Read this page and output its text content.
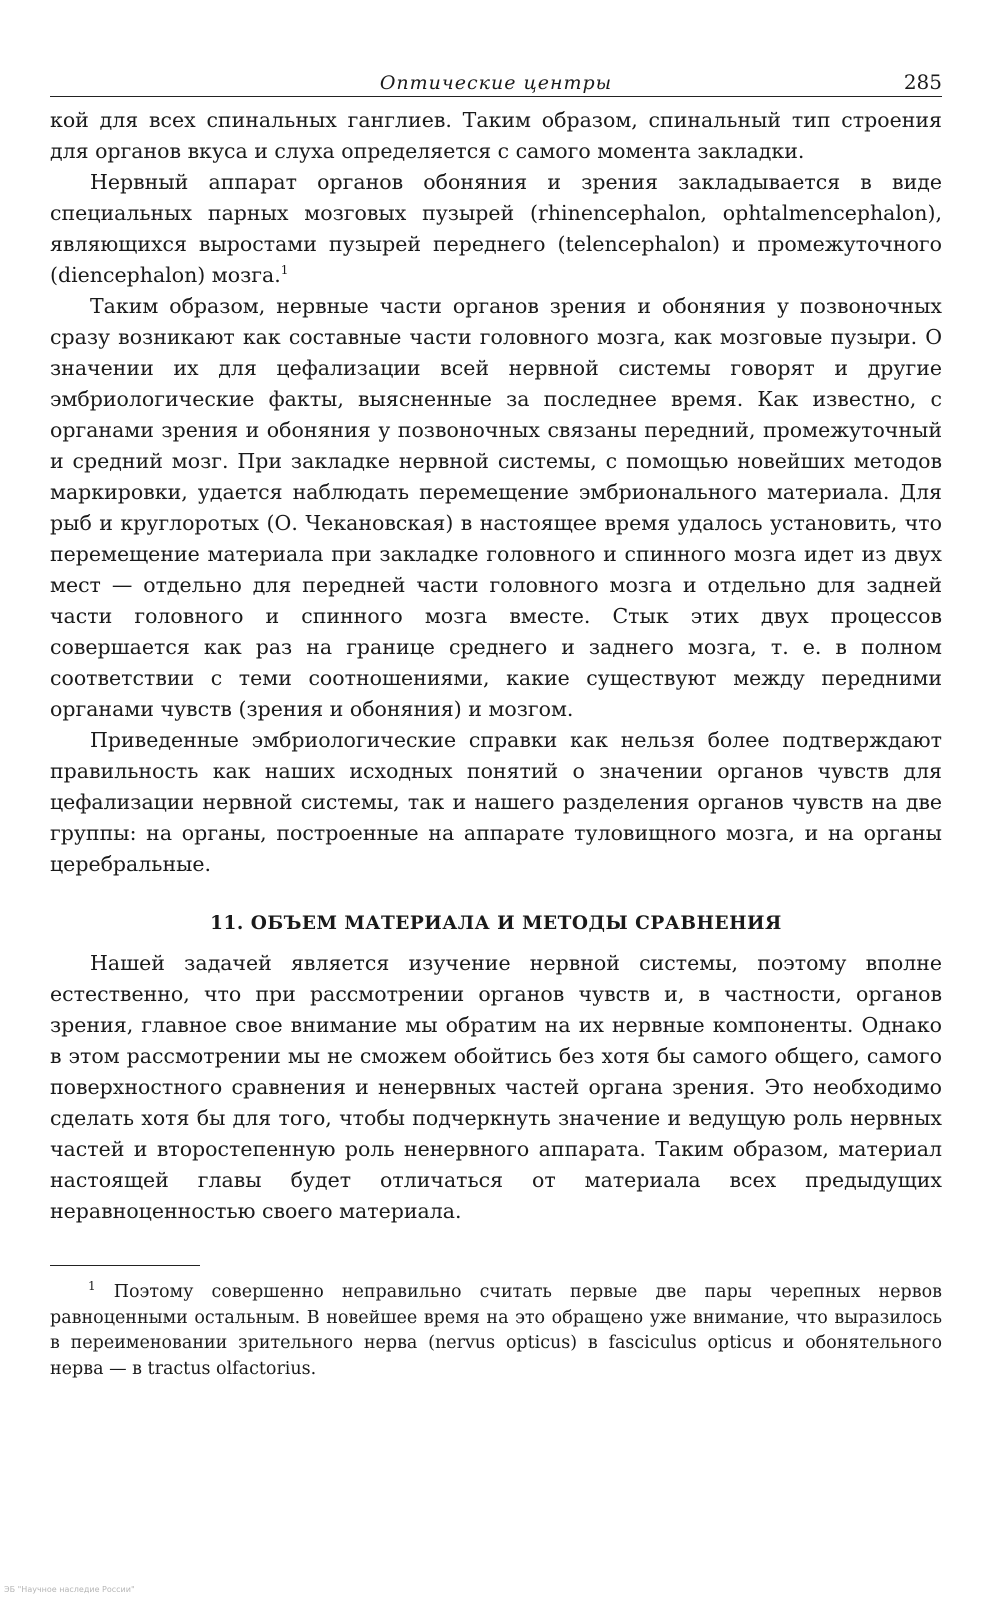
Оптические центры	285

кой для всех спинальных ганглиев. Таким образом, спинальный тип строения для органов вкуса и слуха определяется с самого момента закладки.

Нервный аппарат органов обоняния и зрения закладывается в виде специальных парных мозговых пузырей (rhinencephalon, ophtalmencephalon), являющихся выростами пузырей переднего (telencephalon) и промежуточного (diencephalon) мозга.$^1$

Таким образом, нервные части органов зрения и обоняния у позвоночных сразу возникают как составные части головного мозга, как мозговые пузыри. О значении их для цефализации всей нервной системы говорят и другие эмбриологические факты, выясненные за последнее время. Как известно, с органами зрения и обоняния у позвоночных связаны передний, промежуточный и средний мозг. При закладке нервной системы, с помощью новейших методов маркировки, удается наблюдать перемещение эмбрионального материала. Для рыб и круглоротых (О. Чекановская) в настоящее время удалось установить, что перемещение материала при закладке головного и спинного мозга идет из двух мест — отдельно для передней части головного мозга и отдельно для задней части головного и спинного мозга вместе. Стык этих двух процессов совершается как раз на границе среднего и заднего мозга, т. е. в полном соответствии с теми соотношениями, какие существуют между передними органами чувств (зрения и обоняния) и мозгом.

Приведенные эмбриологические справки как нельзя более подтверждают правильность как наших исходных понятий о значении органов чувств для цефализации нервной системы, так и нашего разделения органов чувств на две группы: на органы, построенные на аппарате туловищного мозга, и на органы церебральные.

11. ОБЪЕМ МАТЕРИАЛА И МЕТОДЫ СРАВНЕНИЯ

Нашей задачей является изучение нервной системы, поэтому вполне естественно, что при рассмотрении органов чувств и, в частности, органов зрения, главное свое внимание мы обратим на их нервные компоненты. Однако в этом рассмотрении мы не сможем обойтись без хотя бы самого общего, самого поверхностного сравнения и ненервных частей органа зрения. Это необходимо сделать хотя бы для того, чтобы подчеркнуть значение и ведущую роль нервных частей и второстепенную роль ненервного аппарата. Таким образом, материал настоящей главы будет отличаться от материала всех предыдущих неравноценностью своего материала.

$^1$ Поэтому совершенно неправильно считать первые две пары черепных нервов равноценными остальным. В новейшее время на это обращено уже внимание, что выразилось в переименовании зрительного нерва (nervus opticus) в fasciculus opticus и обонятельного нерва — в tractus olfactorius.

ЭБ "Научное наследие России"
